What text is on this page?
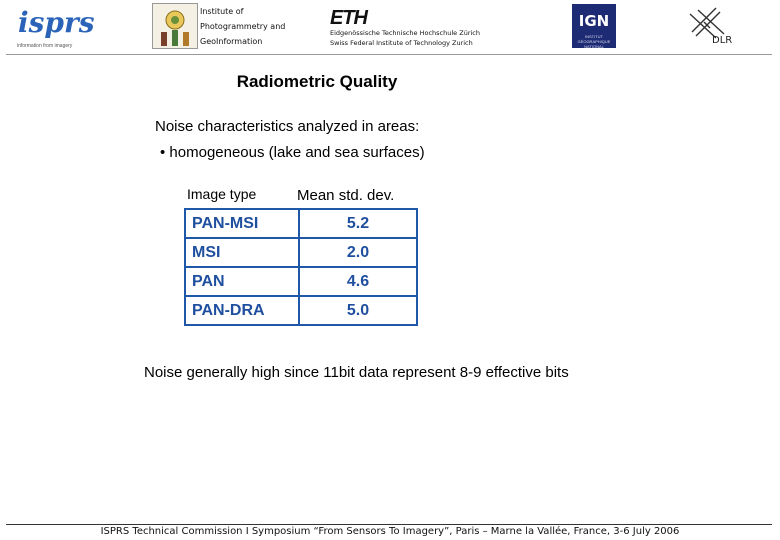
isprs
information from imagery
Institute of
Photogrammetry and
GeoInformation
ETH
Eidgenössische Technische Hochschule Zürich
Swiss Federal Institute of Technology Zurich
IGN
INSTITUT
GÉOGRAPHIQUE
NATIONAL
DLR
Radiometric Quality
Noise characteristics analyzed in areas:
• homogeneous (lake and sea surfaces)
Image type	Mean std. dev.
PAN-MSI	5.2
MSI	2.0
PAN	4.6
PAN-DRA	5.0
Noise generally high since 11bit data represent 8-9 effective bits
ISPRS Technical Commission I Symposium “From Sensors To Imagery”, Paris – Marne la Vallée, France, 3-6 July 2006
